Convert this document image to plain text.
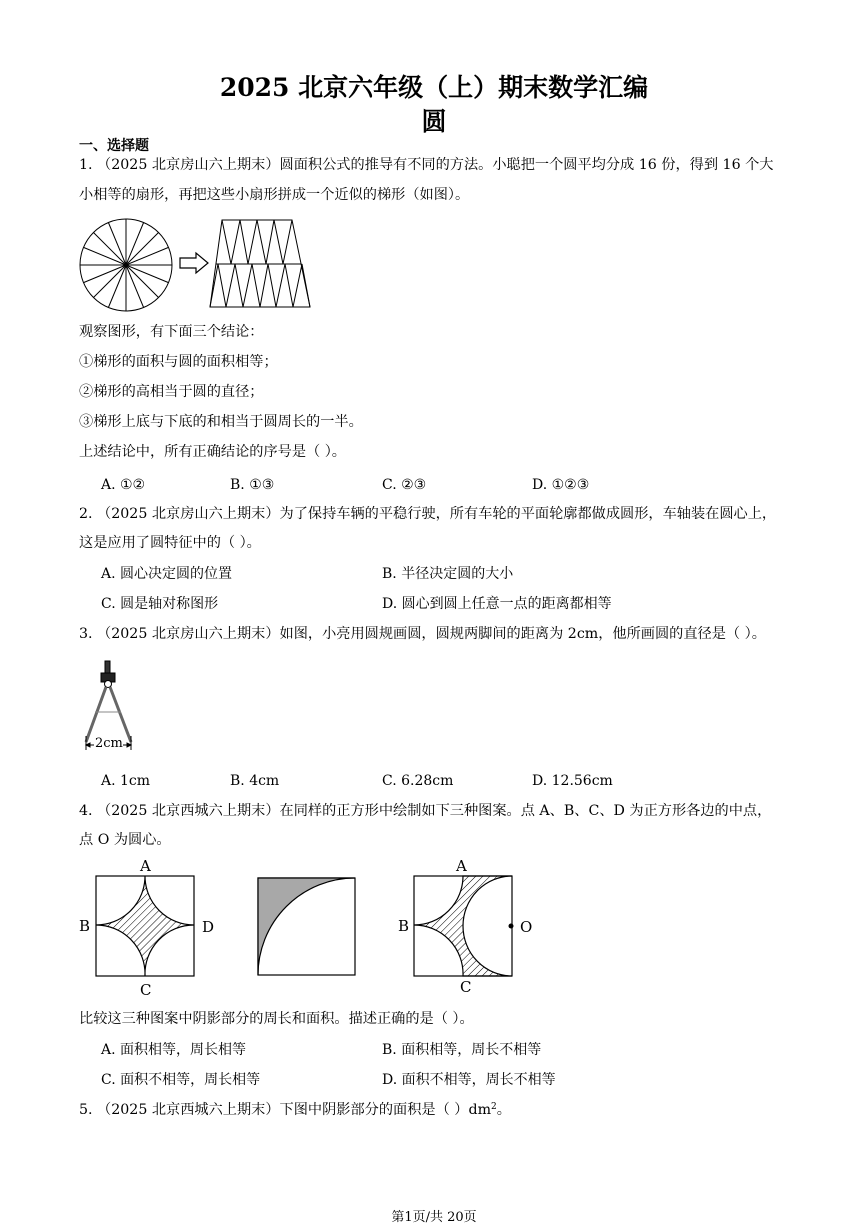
2025 北京六年级（上）期末数学汇编
圆
一、选择题
1. （2025 北京房山六上期末）圆面积公式的推导有不同的方法。小聪把一个圆平均分成 16 份，得到 16 个大
小相等的扇形，再把这些小扇形拼成一个近似的梯形（如图）。
观察图形，有下面三个结论：
①梯形的面积与圆的面积相等；
②梯形的高相当于圆的直径；
③梯形上底与下底的和相当于圆周长的一半。
上述结论中，所有正确结论的序号是（ ）。
A. ①②	B. ①③	C. ②③	D. ①②③
2. （2025 北京房山六上期末）为了保持车辆的平稳行驶，所有车轮的平面轮廓都做成圆形，车轴装在圆心上，
这是应用了圆特征中的（ ）。
A. 圆心决定圆的位置	B. 半径决定圆的大小
C. 圆是轴对称图形	D. 圆心到圆上任意一点的距离都相等
3. （2025 北京房山六上期末）如图，小亮用圆规画圆，圆规两脚间的距离为 2cm，他所画圆的直径是（ ）。
2cm
A. 1cm	B. 4cm	C. 6.28cm	D. 12.56cm
4. （2025 北京西城六上期末）在同样的正方形中绘制如下三种图案。点 A、B、C、D 为正方形各边的中点，
点 O 为圆心。
A
B
C
D
A
B
C
O
比较这三种图案中阴影部分的周长和面积。描述正确的是（ ）。
A. 面积相等，周长相等	B. 面积相等，周长不相等
C. 面积不相等，周长相等	D. 面积不相等，周长不相等
5. （2025 北京西城六上期末）下图中阴影部分的面积是（ ）$dm^2$。
第1页/共 20页
